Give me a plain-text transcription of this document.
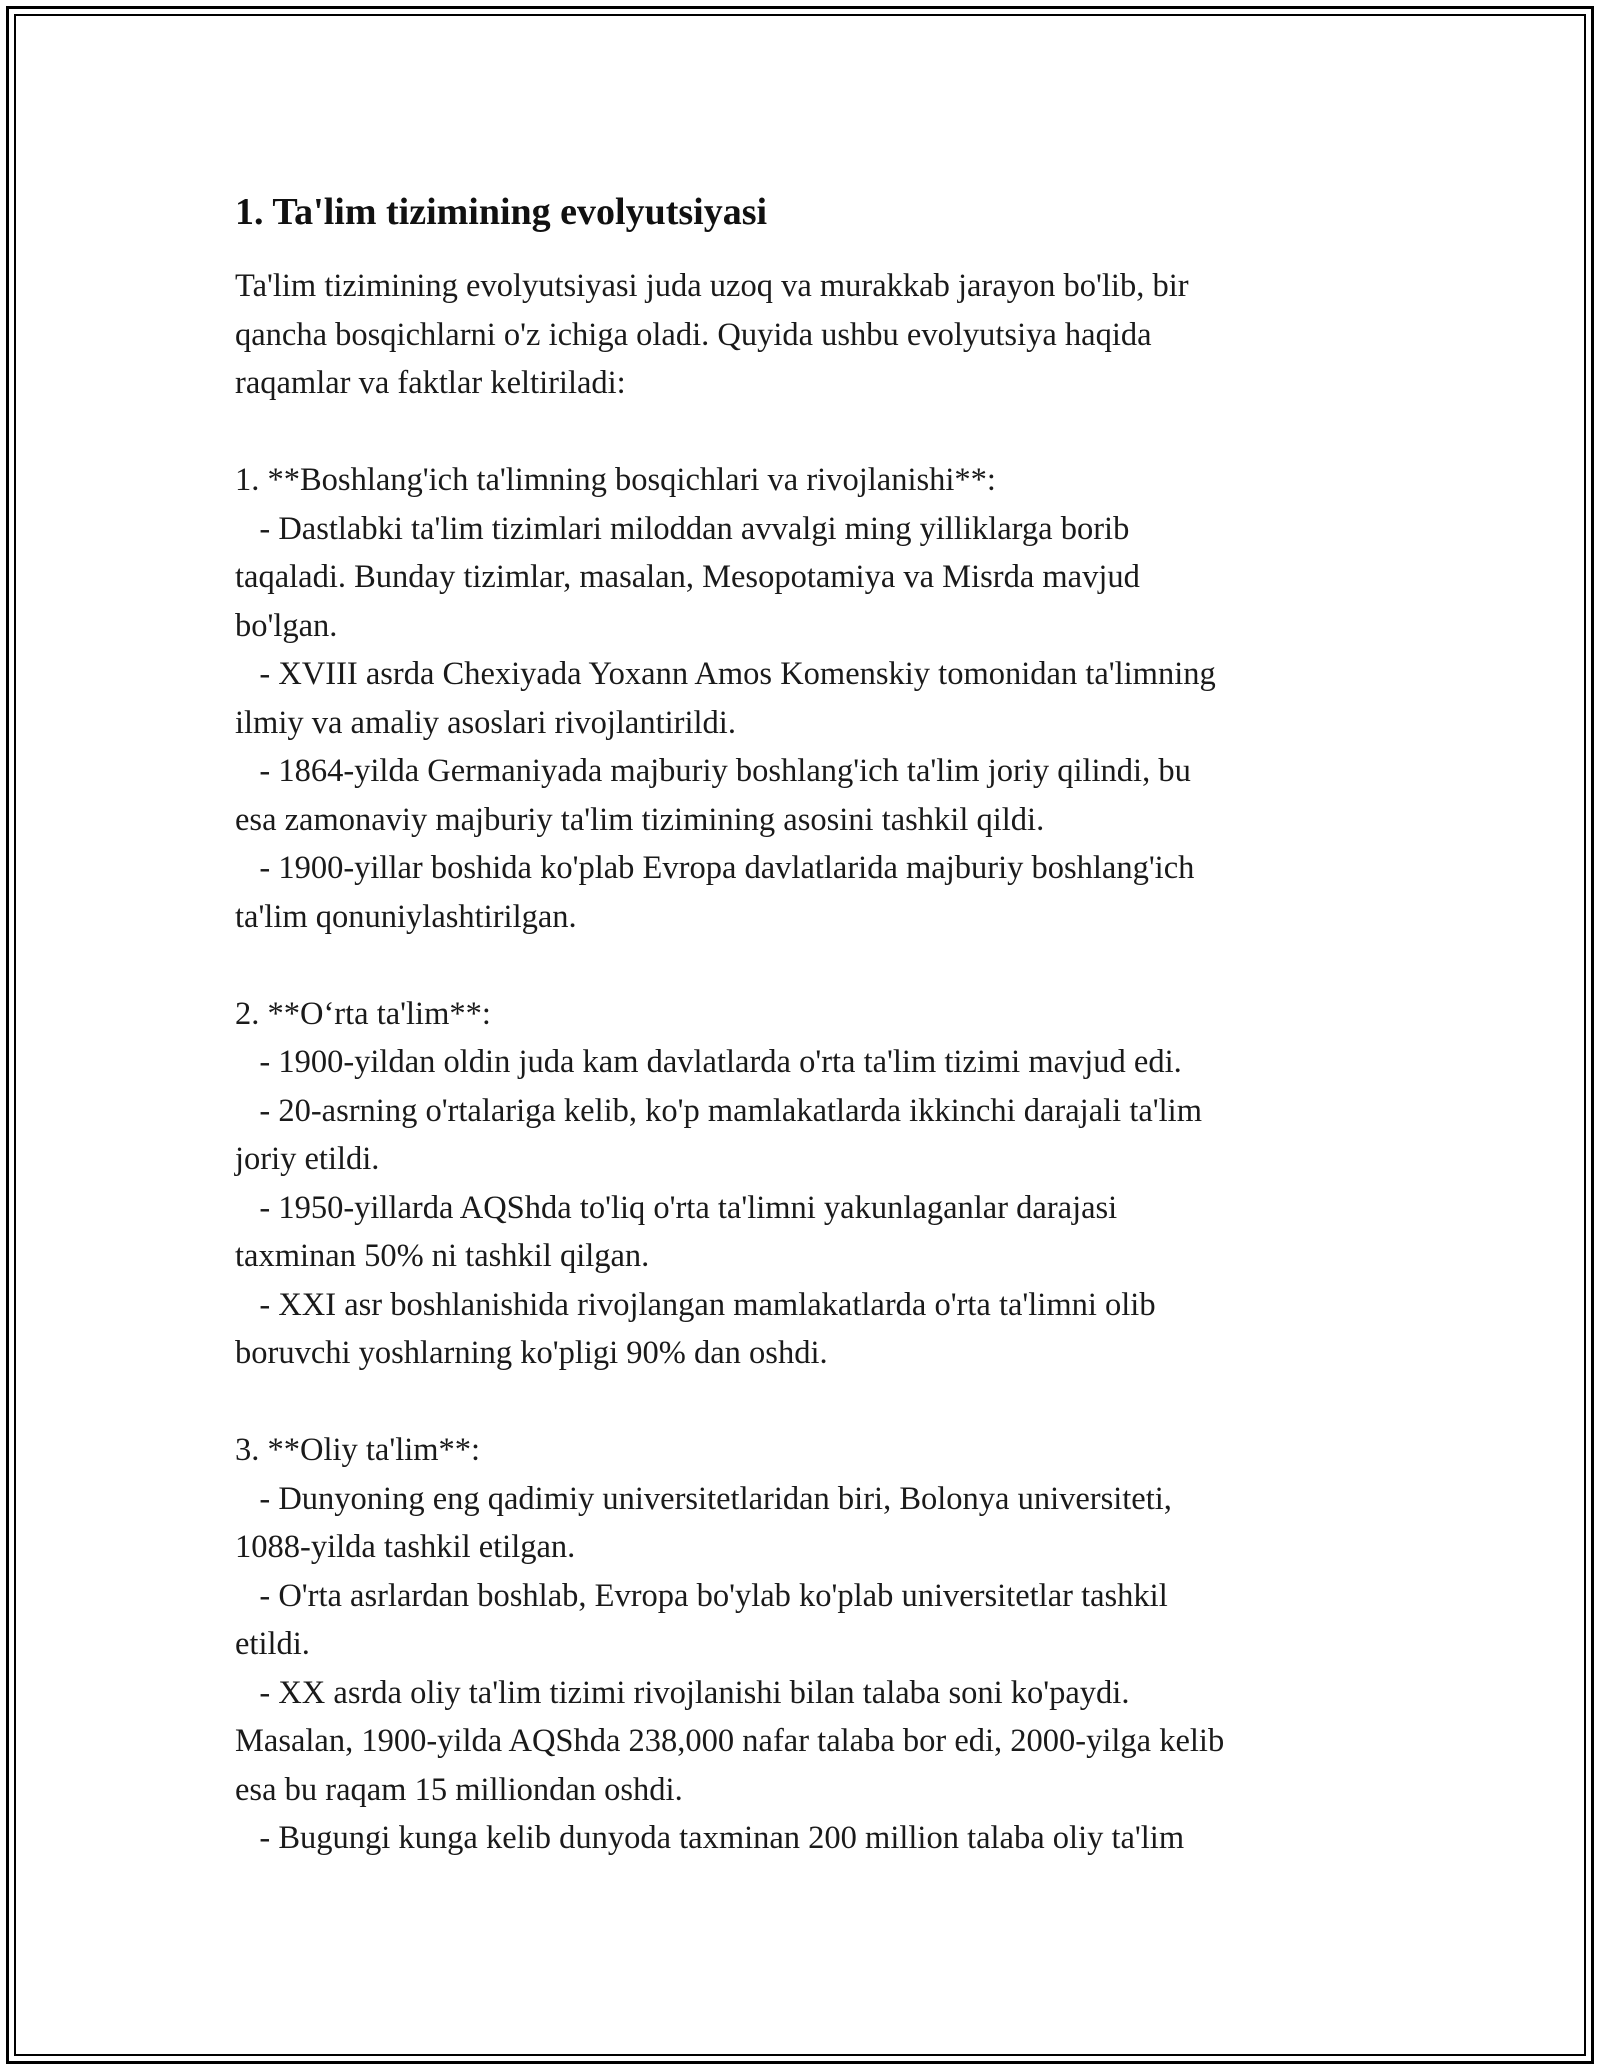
1. Ta'lim tizimining evolyutsiyasi
Ta'lim tizimining evolyutsiyasi juda uzoq va murakkab jarayon bo'lib, bir
qancha bosqichlarni o'z ichiga oladi. Quyida ushbu evolyutsiya haqida
raqamlar va faktlar keltiriladi:
1. **Boshlang'ich ta'limning bosqichlari va rivojlanishi**:
- Dastlabki ta'lim tizimlari miloddan avvalgi ming yilliklarga borib
taqaladi. Bunday tizimlar, masalan, Mesopotamiya va Misrda mavjud
bo'lgan.
- XVIII asrda Chexiyada Yoxann Amos Komenskiy tomonidan ta'limning
ilmiy va amaliy asoslari rivojlantirildi.
- 1864-yilda Germaniyada majburiy boshlang'ich ta'lim joriy qilindi, bu
esa zamonaviy majburiy ta'lim tizimining asosini tashkil qildi.
- 1900-yillar boshida ko'plab Evropa davlatlarida majburiy boshlang'ich
ta'lim qonuniylashtirilgan.
2. **O‘rta ta'lim**:
- 1900-yildan oldin juda kam davlatlarda o'rta ta'lim tizimi mavjud edi.
- 20-asrning o'rtalariga kelib, ko'p mamlakatlarda ikkinchi darajali ta'lim
joriy etildi.
- 1950-yillarda AQShda to'liq o'rta ta'limni yakunlaganlar darajasi
taxminan 50% ni tashkil qilgan.
- XXI asr boshlanishida rivojlangan mamlakatlarda o'rta ta'limni olib
boruvchi yoshlarning ko'pligi 90% dan oshdi.
3. **Oliy ta'lim**:
- Dunyoning eng qadimiy universitetlaridan biri, Bolonya universiteti,
1088-yilda tashkil etilgan.
- O'rta asrlardan boshlab, Evropa bo'ylab ko'plab universitetlar tashkil
etildi.
- XX asrda oliy ta'lim tizimi rivojlanishi bilan talaba soni ko'paydi.
Masalan, 1900-yilda AQShda 238,000 nafar talaba bor edi, 2000-yilga kelib
esa bu raqam 15 milliondan oshdi.
- Bugungi kunga kelib dunyoda taxminan 200 million talaba oliy ta'lim
